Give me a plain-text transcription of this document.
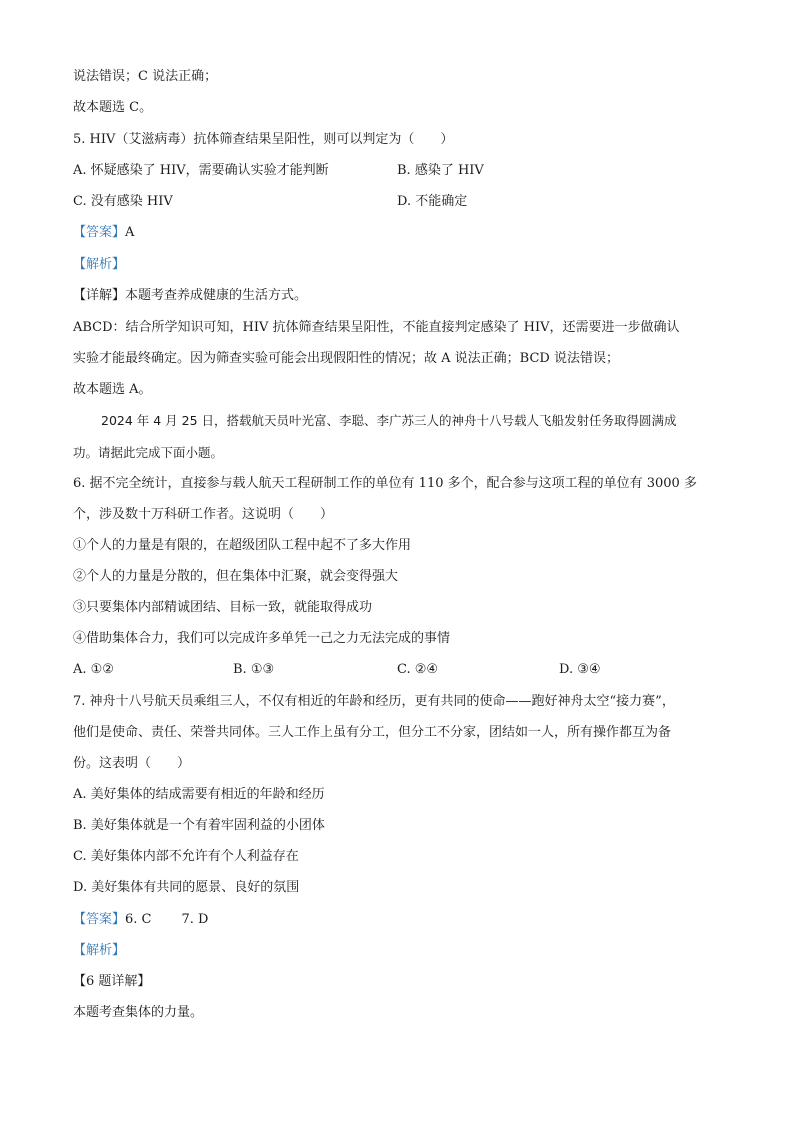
说法错误；C 说法正确；
故本题选 C。
5. HIV（艾滋病毒）抗体筛查结果呈阳性，则可以判定为（　　）
A. 怀疑感染了 HIV，需要确认实验才能判断	B. 感染了 HIV
C. 没有感染 HIV	D. 不能确定
【答案】A
【解析】
【详解】本题考查养成健康的生活方式。
ABCD：结合所学知识可知，HIV 抗体筛查结果呈阳性，不能直接判定感染了 HIV，还需要进一步做确认
实验才能最终确定。因为筛查实验可能会出现假阳性的情况；故 A 说法正确；BCD 说法错误；
故本题选 A。
2024 年 4 月 25 日，搭载航天员叶光富、李聪、李广苏三人的神舟十八号载人飞船发射任务取得圆满成
功。请据此完成下面小题。
6. 据不完全统计，直接参与载人航天工程研制工作的单位有 110 多个，配合参与这项工程的单位有 3000 多
个，涉及数十万科研工作者。这说明（　　）
①个人的力量是有限的，在超级团队工程中起不了多大作用
②个人的力量是分散的，但在集体中汇聚，就会变得强大
③只要集体内部精诚团结、目标一致，就能取得成功
④借助集体合力，我们可以完成许多单凭一己之力无法完成的事情
A. ①②	B. ①③	C. ②④	D. ③④
7. 神舟十八号航天员乘组三人，不仅有相近的年龄和经历，更有共同的使命——跑好神舟太空“接力赛”，
他们是使命、责任、荣誉共同体。三人工作上虽有分工，但分工不分家，团结如一人，所有操作都互为备
份。这表明（　　）
A. 美好集体的结成需要有相近的年龄和经历
B. 美好集体就是一个有着牢固利益的小团体
C. 美好集体内部不允许有个人利益存在
D. 美好集体有共同的愿景、良好的氛围
【答案】6. C 7. D
【解析】
【6 题详解】
本题考查集体的力量。
